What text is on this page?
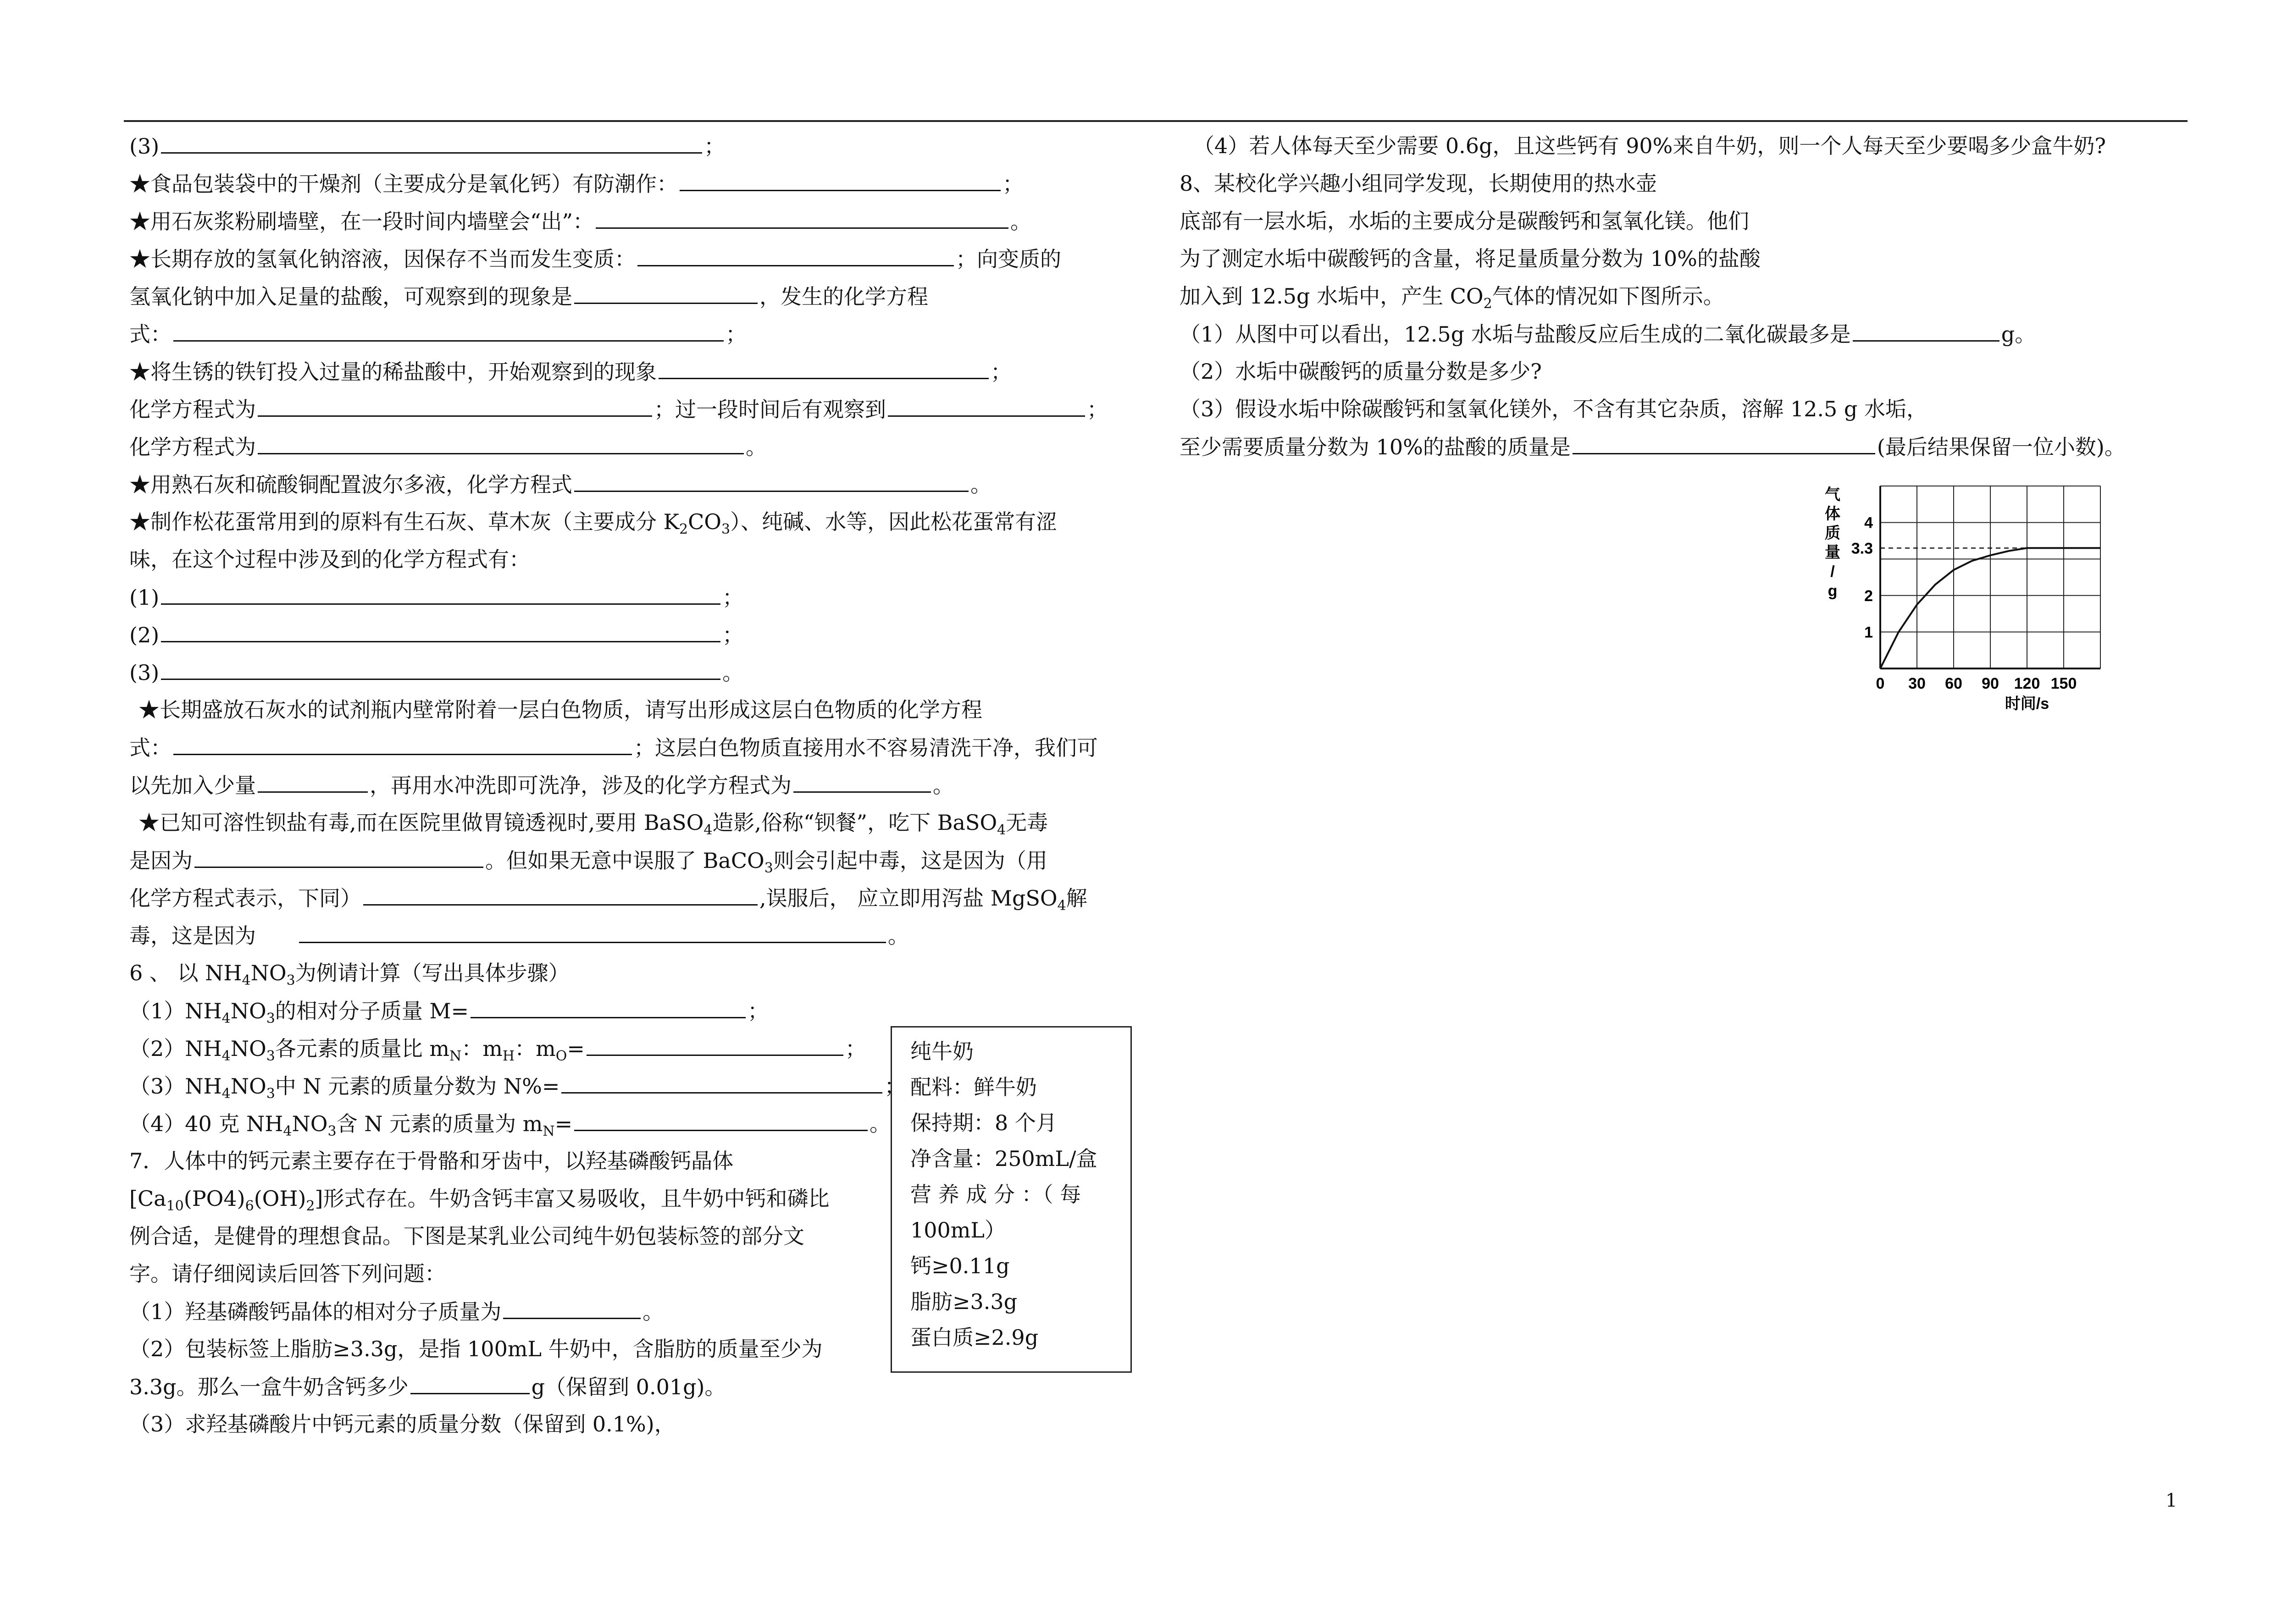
(3)	；
★食品包装袋中的干燥剂（主要成分是氧化钙）有防潮作：	；
★用石灰浆粉刷墙壁，在一段时间内墙壁会“出”：	。
★长期存放的氢氧化钠溶液，因保存不当而发生变质：	；向变质的
氢氧化钠中加入足量的盐酸，可观察到的现象是	，发生的化学方程
式：	；
★将生锈的铁钉投入过量的稀盐酸中，开始观察到的现象	；
化学方程式为	；过一段时间后有观察到	；
化学方程式为	。
★用熟石灰和硫酸铜配置波尔多液，化学方程式	。
★制作松花蛋常用到的原料有生石灰、草木灰（主要成分 $K_2CO_3$）、纯碱、水等，因此松花蛋常有涩
味，在这个过程中涉及到的化学方程式有：
(1)	；
(2)	；
(3)	。
★长期盛放石灰水的试剂瓶内壁常附着一层白色物质，请写出形成这层白色物质的化学方程
式：	；这层白色物质直接用水不容易清洗干净，我们可
以先加入少量	，再用水冲洗即可洗净，涉及的化学方程式为	。
★已知可溶性钡盐有毒,而在医院里做胃镜透视时,要用 BaSO$_4$造影,俗称“钡餐”，吃下 BaSO$_4$无毒
是因为	。但如果无意中误服了 BaCO$_3$则会引起中毒，这是因为（用
化学方程式表示，下同）	,误服后， 应立即用泻盐 MgSO$_4$解
毒，这是因为	。
6 、 以 $NH_4NO_3$为例请计算（写出具体步骤）
$(1)NH_4NO_3$的相对分子质量 M=	；
$(2)NH_4NO_3$各元素的质量比 $m_N$：$m_H$：$m_O=$	；
$(3)NH_4NO_3$中 N 元素的质量分数为 N%=	；
（4）40 克 $NH_4NO_3$含 N 元素的质量为 $m_N=$	。
7．人体中的钙元素主要存在于骨骼和牙齿中，以羟基磷酸钙晶体
$[Ca_{10}(PO4)_6(OH)_2]$形式存在。牛奶含钙丰富又易吸收，且牛奶中钙和磷比
例合适，是健骨的理想食品。下图是某乳业公司纯牛奶包装标签的部分文
字。请仔细阅读后回答下列问题：
（1）羟基磷酸钙晶体的相对分子质量为	。
（2）包装标签上脂肪≥3.3g，是指 100mL 牛奶中，含脂肪的质量至少为
3.3g。那么一盒牛奶含钙多少	g（保留到 0.01g)。
（3）求羟基磷酸片中钙元素的质量分数（保留到 0.1%)，
纯牛奶
配料：鲜牛奶
保持期：8 个月
净含量：250mL/盒
营 养 成 分 ：（ 每
100mL）
钙≥0.11g
脂肪≥3.3g
蛋白质≥2.9g
（4）若人体每天至少需要 0.6g，且这些钙有 90%来自牛奶，则一个人每天至少要喝多少盒牛奶?
8、某校化学兴趣小组同学发现，长期使用的热水壶
底部有一层水垢，水垢的主要成分是碳酸钙和氢氧化镁。他们
为了测定水垢中碳酸钙的含量，将足量质量分数为 10%的盐酸
加入到 12.5g 水垢中，产生 $CO_2$气体的情况如下图所示。
（1）从图中可以看出，12.5g 水垢与盐酸反应后生成的二氧化碳最多是	g。
（2）水垢中碳酸钙的质量分数是多少?
（3）假设水垢中除碳酸钙和氢氧化镁外，不含有其它杂质，溶解 12.5 g 水垢，
至少需要质量分数为 10%的盐酸的质量是	(最后结果保留一位小数)。
0 30 60 90 120 150
1
2
3.3
4
时间/s
气体质量/ g
1
